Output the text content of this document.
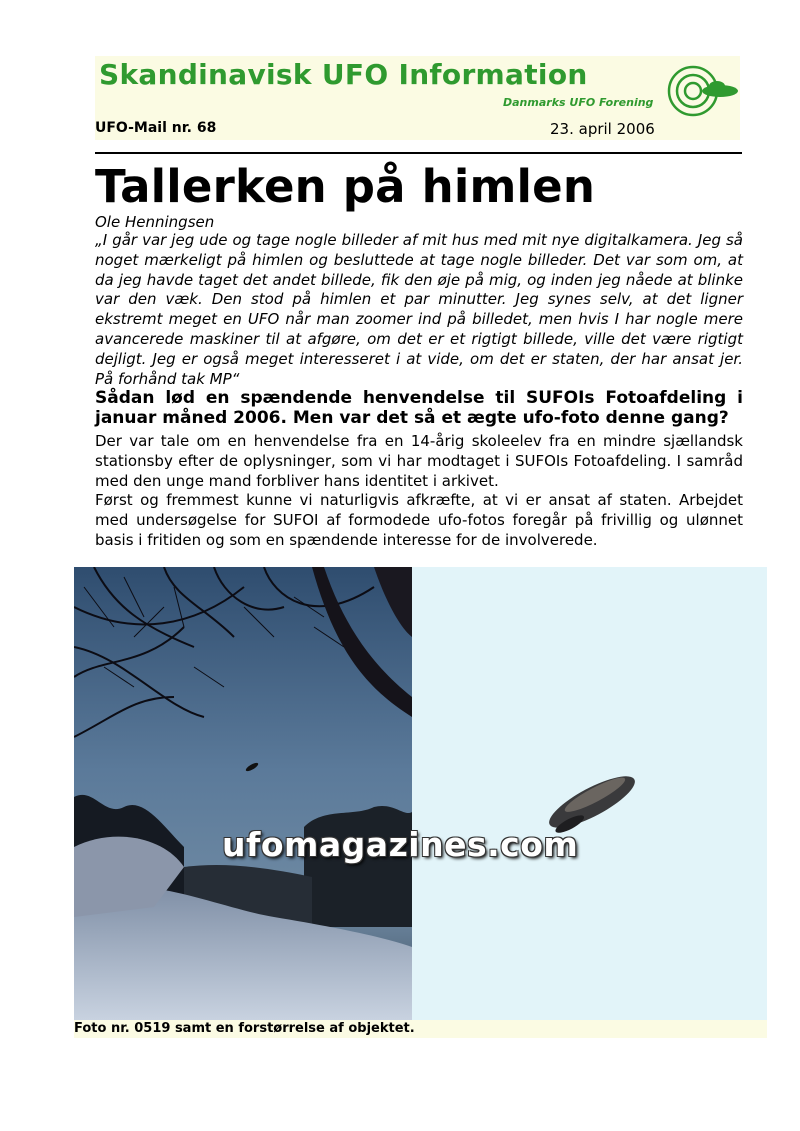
Skandinavisk UFO Information
Danmarks UFO Forening
UFO-Mail nr. 68	23. april 2006
Tallerken på himlen
Ole Henningsen
„I går var jeg ude og tage nogle billeder af mit hus med mit nye digitalkamera. Jeg så noget mærkeligt på himlen og besluttede at tage nogle billeder. Det var som om, at da jeg havde taget det andet billede, fik den øje på mig, og inden jeg nåede at blinke var den væk. Den stod på himlen et par minutter. Jeg synes selv, at det ligner ekstremt meget en UFO når man zoomer ind på billedet, men hvis I har nogle mere avancerede maskiner til at afgøre, om det er et rigtigt billede, ville det være rigtigt dejligt. Jeg er også meget interesseret i at vide, om det er staten, der har ansat jer. På forhånd tak MP“
Sådan lød en spændende henvendelse til SUFOIs Fotoafdeling i januar måned 2006. Men var det så et ægte ufo-foto denne gang?

Der var tale om en henvendelse fra en 14-årig skoleelev fra en mindre sjællandsk stationsby efter de oplysninger, som vi har modtaget i SUFOIs Fotoafdeling. I samråd med den unge mand forbliver hans identitet i arkivet.

Først og fremmest kunne vi naturligvis afkræfte, at vi er ansat af staten. Arbejdet med undersøgelse for SUFOI af formodede ufo-fotos foregår på frivillig og ulønnet basis i fritiden og som en spændende interesse for de involverede.

ufomagazines.com
Foto nr. 0519 samt en forstørrelse af objektet.
